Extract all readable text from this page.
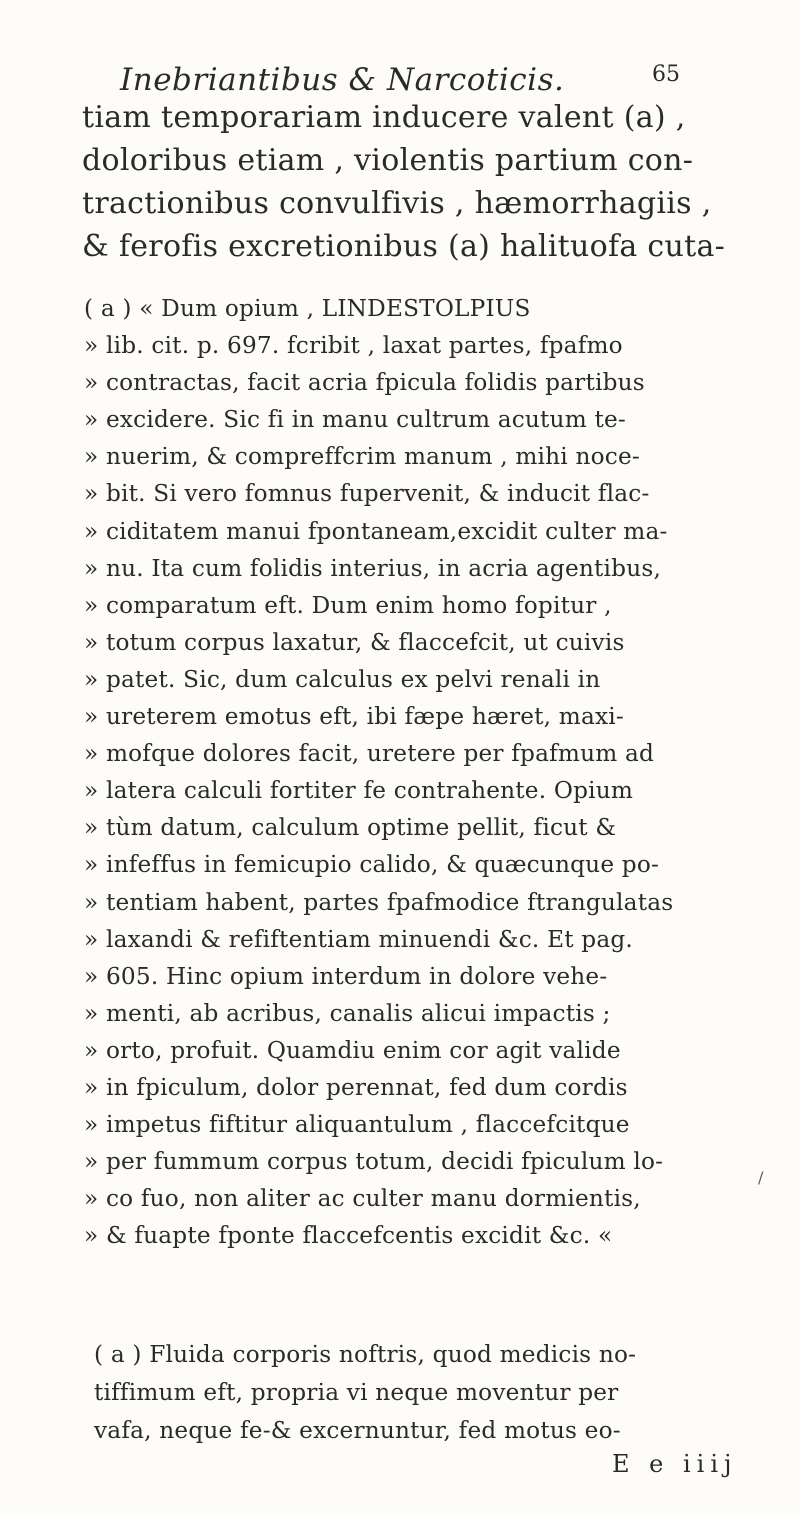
Inebriantibus & Narcoticis.	65
tiam temporariam inducere valent (a) ,
doloribus etiam , violentis partium con-
tractionibus convulfivis , hæmorrhagiis ,
& ferofis excretionibus (a) halituofa cuta-
( a ) « Dum opium , LINDESTOLPIUS
» lib. cit. p. 697. fcribit , laxat partes, fpafmo
» contractas, facit acria fpicula folidis partibus
» excidere. Sic fi in manu cultrum acutum te-
» nuerim, & compreffcrim manum , mihi noce-
» bit. Si vero fomnus fupervenit, & inducit flac-
» ciditatem manui fpontaneam,excidit culter ma-
» nu. Ita cum folidis interius, in acria agentibus,
» comparatum eft. Dum enim homo fopitur ,
» totum corpus laxatur, & flaccefcit, ut cuivis
» patet. Sic, dum calculus ex pelvi renali in
» ureterem emotus eft, ibi fæpe hæret, maxi-
» mofque dolores facit, uretere per fpafmum ad
» latera calculi fortiter fe contrahente. Opium
» tùm datum, calculum optime pellit, ficut &
» infeffus in femicupio calido, & quæcunque po-
» tentiam habent, partes fpafmodice ftrangulatas
» laxandi & refiftentiam minuendi &c. Et pag.
» 605. Hinc opium interdum in dolore vehe-
» menti, ab acribus, canalis alicui impactis ;
» orto, profuit. Quamdiu enim cor agit valide
» in fpiculum, dolor perennat, fed dum cordis
» impetus fiftitur aliquantulum , flaccefcitque
» per fummum corpus totum, decidi fpiculum lo-
» co fuo, non aliter ac culter manu dormientis,
» & fuapte fponte flaccefcentis excidit &c. «
( a ) Fluida corporis noftris, quod medicis no-
tiffimum eft, propria vi neque moventur per
vafa, neque fe-& excernuntur, fed motus eo-
E e iiij
/
